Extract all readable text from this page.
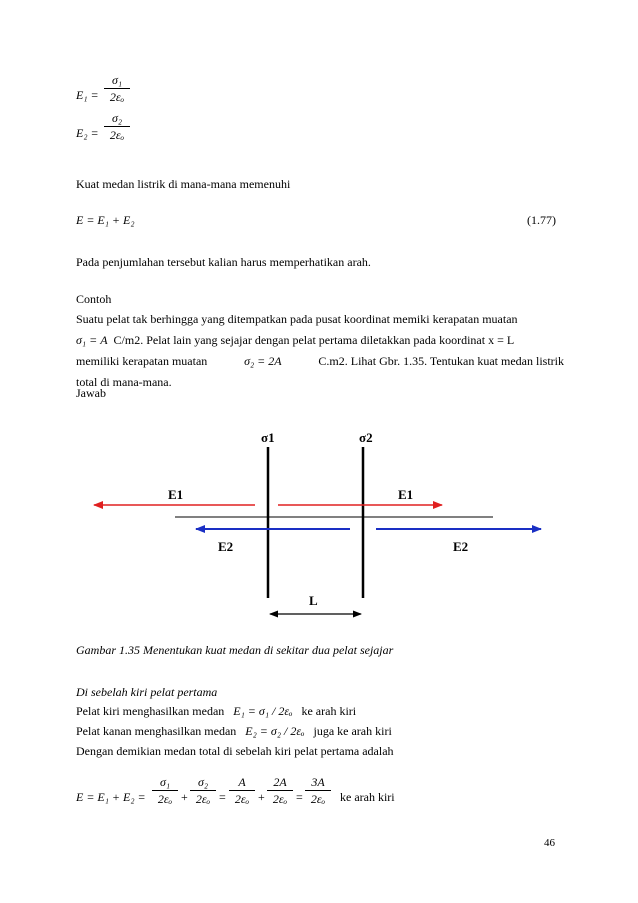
E₁ =
σ₁
2εₒ
E₂ =
σ₂
2εₒ
Kuat medan listrik di mana-mana memenuhi
E = E₁ + E₂	(1.77)
Pada penjumlahan tersebut kalian harus memperhatikan arah.
Contoh
Suatu pelat tak berhingga yang ditempatkan pada pusat koordinat memiki kerapatan muatan
σ₁ = A C/m2. Pelat lain yang sejajar dengan pelat pertama diletakkan pada koordinat x = L
memiliki kerapatan muatan	σ₂ = 2A	C.m2. Lihat Gbr. 1.35. Tentukan kuat medan listrik
total di mana-mana.
Jawab
σ1	σ2
E1	E1
E2	E2
L
Gambar 1.35 Menentukan kuat medan di sekitar dua pelat sejajar
Di sebelah kiri pelat pertama
Pelat kiri menghasilkan medan E₁ = σ₁ / 2εₒ ke arah kiri
Pelat kanan menghasilkan medan E₂ = σ₂ / 2εₒ juga ke arah kiri
Dengan demikian medan total di sebelah kiri pelat pertama adalah
E = E₁ + E₂ =
σ₁
2εₒ +
σ₂
2εₒ =
A
2εₒ +
2A
2εₒ =
3A
2εₒ	ke arah kiri
46
